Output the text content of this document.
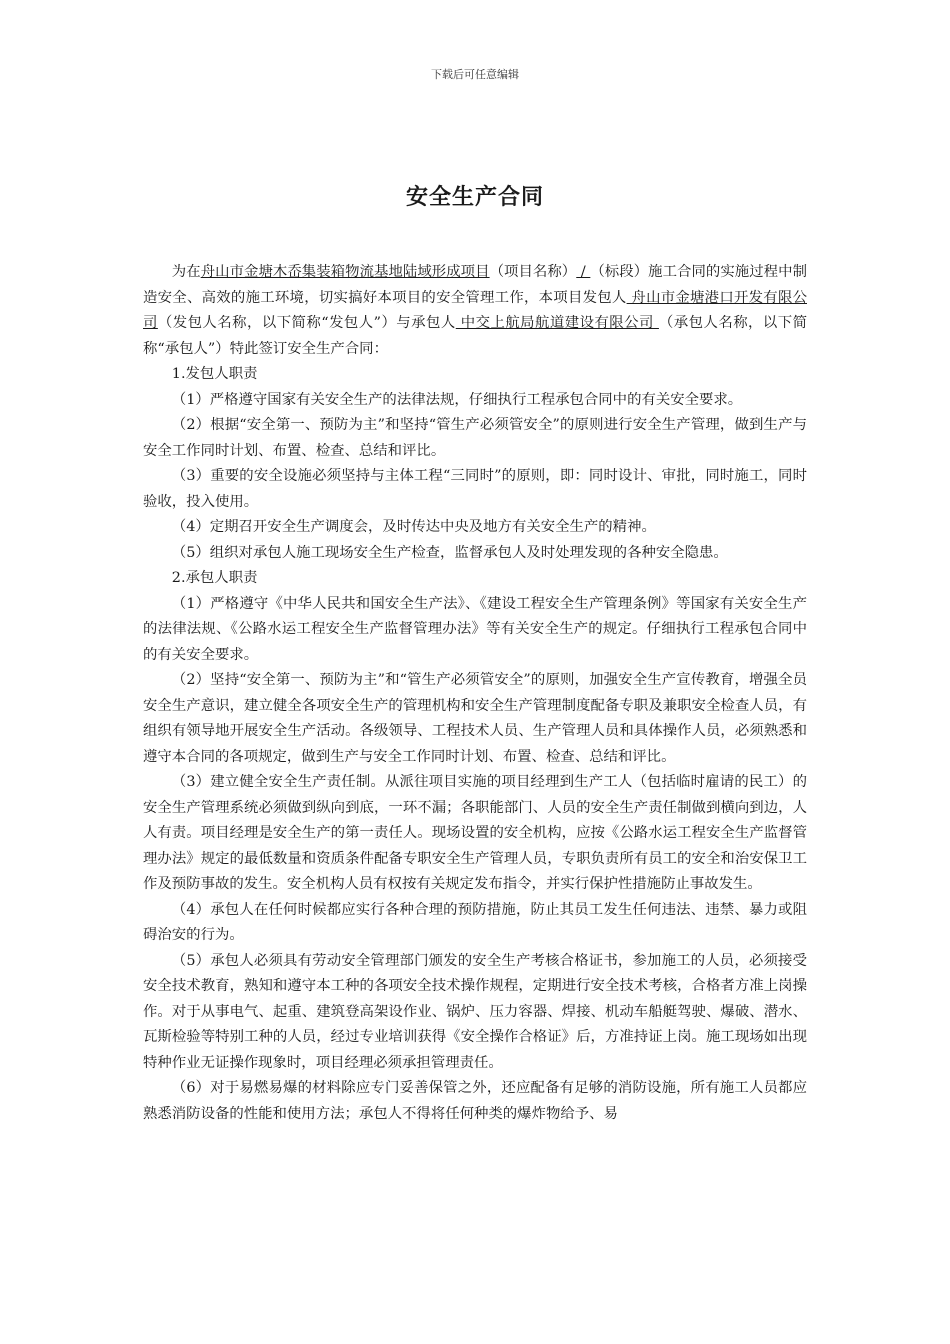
下载后可任意编辑
安全生产合同

为在舟山市金塘木岙集装箱物流基地陆域形成项目（项目名称） / （标段）施工合同的实施过程中制造安全、高效的施工环境，切实搞好本项目的安全管理工作，本项目发包人 舟山市金塘港口开发有限公司（发包人名称，以下简称“发包人”）与承包人 中交上航局航道建设有限公司 （承包人名称，以下简称“承包人”）特此签订安全生产合同：

1.发包人职责

（1）严格遵守国家有关安全生产的法律法规，仔细执行工程承包合同中的有关安全要求。

（2）根据“安全第一、预防为主”和坚持“管生产必须管安全”的原则进行安全生产管理，做到生产与安全工作同时计划、布置、检查、总结和评比。

（3）重要的安全设施必须坚持与主体工程“三同时”的原则，即：同时设计、审批，同时施工，同时验收，投入使用。

（4）定期召开安全生产调度会，及时传达中央及地方有关安全生产的精神。

（5）组织对承包人施工现场安全生产检查，监督承包人及时处理发现的各种安全隐患。

2.承包人职责

（1）严格遵守《中华人民共和国安全生产法》、《建设工程安全生产管理条例》等国家有关安全生产的法律法规、《公路水运工程安全生产监督管理办法》等有关安全生产的规定。仔细执行工程承包合同中的有关安全要求。

（2）坚持“安全第一、预防为主”和“管生产必须管安全”的原则，加强安全生产宣传教育，增强全员安全生产意识，建立健全各项安全生产的管理机构和安全生产管理制度配备专职及兼职安全检查人员，有组织有领导地开展安全生产活动。各级领导、工程技术人员、生产管理人员和具体操作人员，必须熟悉和遵守本合同的各项规定，做到生产与安全工作同时计划、布置、检查、总结和评比。

（3）建立健全安全生产责任制。从派往项目实施的项目经理到生产工人（包括临时雇请的民工）的安全生产管理系统必须做到纵向到底，一环不漏；各职能部门、人员的安全生产责任制做到横向到边，人人有责。项目经理是安全生产的第一责任人。现场设置的安全机构，应按《公路水运工程安全生产监督管理办法》规定的最低数量和资质条件配备专职安全生产管理人员，专职负责所有员工的安全和治安保卫工作及预防事故的发生。安全机构人员有权按有关规定发布指令，并实行保护性措施防止事故发生。

（4）承包人在任何时候都应实行各种合理的预防措施，防止其员工发生任何违法、违禁、暴力或阻碍治安的行为。

（5）承包人必须具有劳动安全管理部门颁发的安全生产考核合格证书，参加施工的人员，必须接受安全技术教育，熟知和遵守本工种的各项安全技术操作规程，定期进行安全技术考核，合格者方准上岗操作。对于从事电气、起重、建筑登高架设作业、锅炉、压力容器、焊接、机动车船艇驾驶、爆破、潜水、瓦斯检验等特别工种的人员，经过专业培训获得《安全操作合格证》后，方准持证上岗。施工现场如出现特种作业无证操作现象时，项目经理必须承担管理责任。

（6）对于易燃易爆的材料除应专门妥善保管之外，还应配备有足够的消防设施，所有施工人员都应熟悉消防设备的性能和使用方法；承包人不得将任何种类的爆炸物给予、易
